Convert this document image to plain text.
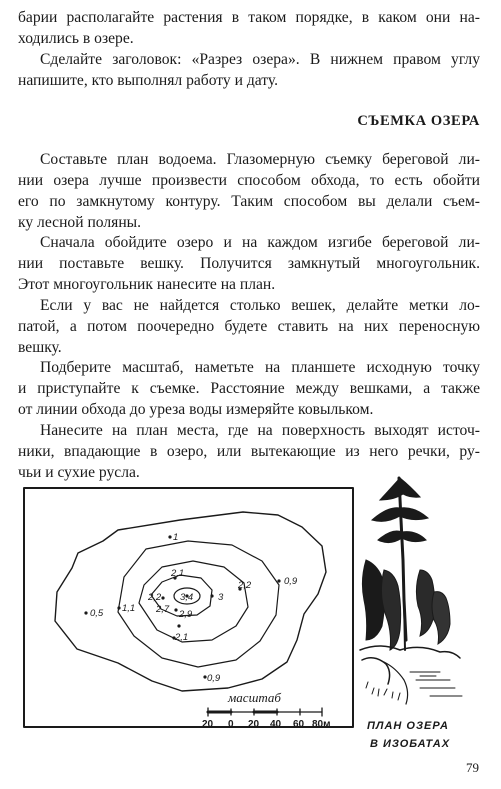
барии располагайте растения в таком порядке, в каком они на-

ходились в озере.

Сделайте заголовок: «Разрез озера». В нижнем правом углу

напишите, кто выполнял работу и дату.

СЪЕМКА ОЗЕРА

Составьте план водоема. Глазомерную съемку береговой ли-

нии озера лучше произвести способом обхода, то есть обойти

его по замкнутому контуру. Таким способом вы делали съем-

ку лесной поляны.

Сначала обойдите озеро и на каждом изгибе береговой ли-

нии поставьте вешку. Получится замкнутый многоугольник.

Этот многоугольник нанесите на план.

Если у вас не найдется столько вешек, делайте метки ло-

патой, а потом поочередно будете ставить на них переносную

вешку.

Подберите масштаб, наметьте на планшете исходную точку

и приступайте к съемке. Расстояние между вешками, а также

от линии обхода до уреза воды измеряйте ковыльком.

Нанесите на план места, где на поверхность выходят источ-

ники, впадающие в озеро, или вытекающие из него речки, ру-

чьи и сухие русла.

1
2,1
2,2 3,4	3
2,7 2,9
2,1
0,5 1,1
0,9
0,9
2,2
масштаб
20 0 20 40 60 80м	ПЛАН ОЗЕРА
В ИЗОБАТАХ
79
